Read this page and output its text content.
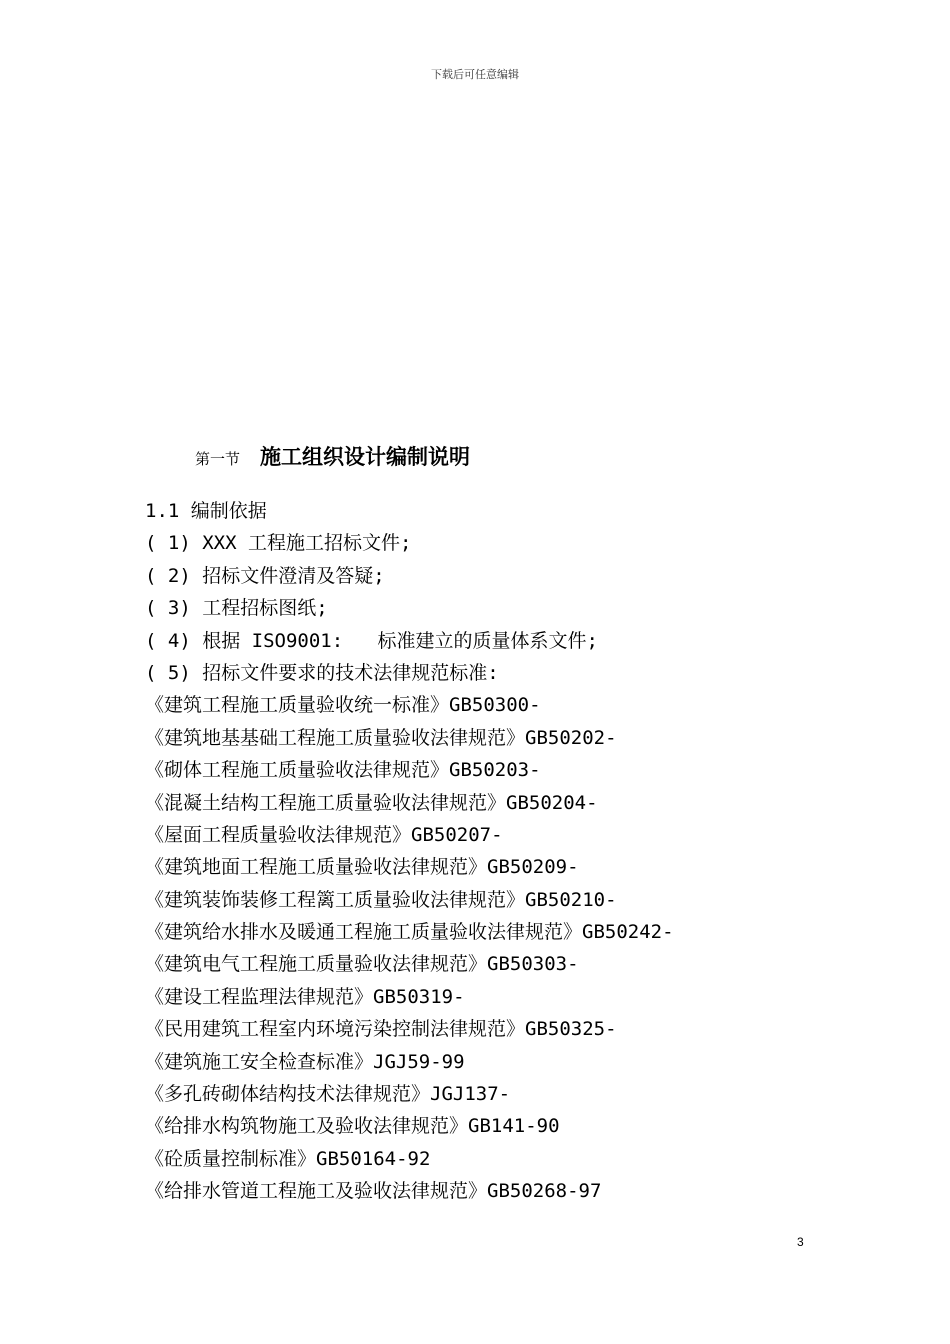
下载后可任意编辑
第一节 施工组织设计编制说明
1.1 编制依据
( 1) XXX 工程施工招标文件;
( 2) 招标文件澄清及答疑;
( 3) 工程招标图纸;
( 4) 根据 ISO9001:   标准建立的质量体系文件;
( 5) 招标文件要求的技术法律规范标准:
《建筑工程施工质量验收统一标准》GB50300-
《建筑地基基础工程施工质量验收法律规范》GB50202-
《砌体工程施工质量验收法律规范》GB50203-
《混凝土结构工程施工质量验收法律规范》GB50204-
《屋面工程质量验收法律规范》GB50207-
《建筑地面工程施工质量验收法律规范》GB50209-
《建筑装饰装修工程篱工质量验收法律规范》GB50210-
《建筑给水排水及暖通工程施工质量验收法律规范》GB50242-
《建筑电气工程施工质量验收法律规范》GB50303-
《建设工程监理法律规范》GB50319-
《民用建筑工程室内环境污染控制法律规范》GB50325-
《建筑施工安全检查标准》JGJ59-99
《多孔砖砌体结构技术法律规范》JGJ137-
《给排水构筑物施工及验收法律规范》GB141-90
《砼质量控制标准》GB50164-92
《给排水管道工程施工及验收法律规范》GB50268-97
3
